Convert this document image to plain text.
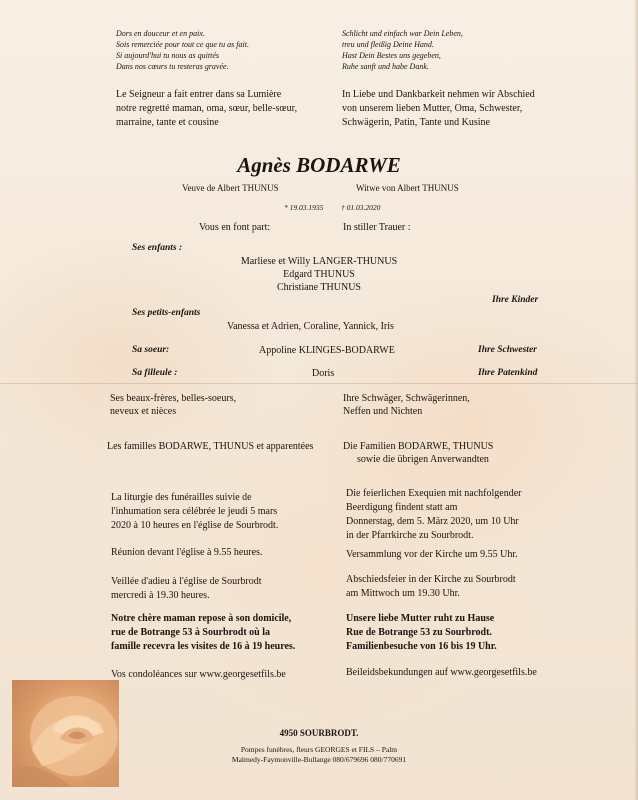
Dors en douceur et en paix.
Sois remerciée pour tout ce que tu as fait.
Si aujourd'hui tu nous as quittés
Dans nos cœurs tu resteras gravée.
Schlicht und einfach war Dein Leben,
treu und fleißig Deine Hand.
Hast Dein Bestes uns gegeben,
Ruhe sanft und habe Dank.
Le Seigneur a fait entrer dans sa Lumière
notre regretté maman, oma, sœur, belle-sœur,
marraine, tante et cousine
In Liebe und Dankbarkeit nehmen wir Abschied
von unserem lieben Mutter, Oma, Schwester,
Schwägerin, Patin, Tante und Kusine
Agnès BODARWE
Veuve de Albert THUNUS	Witwe von Albert THUNUS
* 19.03.1935 † 01.03.2020
Vous en font part:	In stiller Trauer :
Ses enfants :
Marliese et Willy LANGER-THUNUS
Edgard THUNUS
Christiane THUNUS
Ihre Kinder
Ses petits-enfants
Vanessa et Adrien, Coraline, Yannick, Iris
Sa soeur:	Appoline KLINGES-BODARWE	Ihre Schwester
Sa filleule :	Doris	Ihre Patenkind
Ses beaux-frères, belles-soeurs,
neveux et nièces
Ihre Schwäger, Schwägerinnen,
Neffen und Nichten
Les familles BODARWE, THUNUS et apparentées	Die Familien BODARWE, THUNUS
sowie die übrigen Anverwandten
La liturgie des funérailles suivie de
l'inhumation sera célébrée le jeudi 5 mars
2020 à 10 heures en l'église de Sourbrodt.
Die feierlichen Exequien mit nachfolgender
Beerdigung findent statt am
Donnerstag, dem 5. März 2020, um 10 Uhr
in der Pfarrkirche zu Sourbrodt.
Réunion devant l'église à 9.55 heures.	Versammlung vor der Kirche um 9.55 Uhr.
Veillée d'adieu à l'église de Sourbrodt
mercredi à 19.30 heures.
Abschiedsfeier in der Kirche zu Sourbrodt
am Mittwoch um 19.30 Uhr.
Notre chère maman repose à son domicile,
rue de Botrange 53 à Sourbrodt où la
famille recevra les visites de 16 à 19 heures.
Unsere liebe Mutter ruht zu Hause
Rue de Botrange 53 zu Sourbrodt.
Familienbesuche von 16 bis 19 Uhr.
Vos condoléances sur www.georgesetfils.be	Beileidsbekundungen auf www.georgesetfils.be
4950 SOURBRODT.
Pompes funèbres, fleurs GEORGES et FILS – Palm
Malmedy-Faymonville-Bullange 080/679696 080/770691
